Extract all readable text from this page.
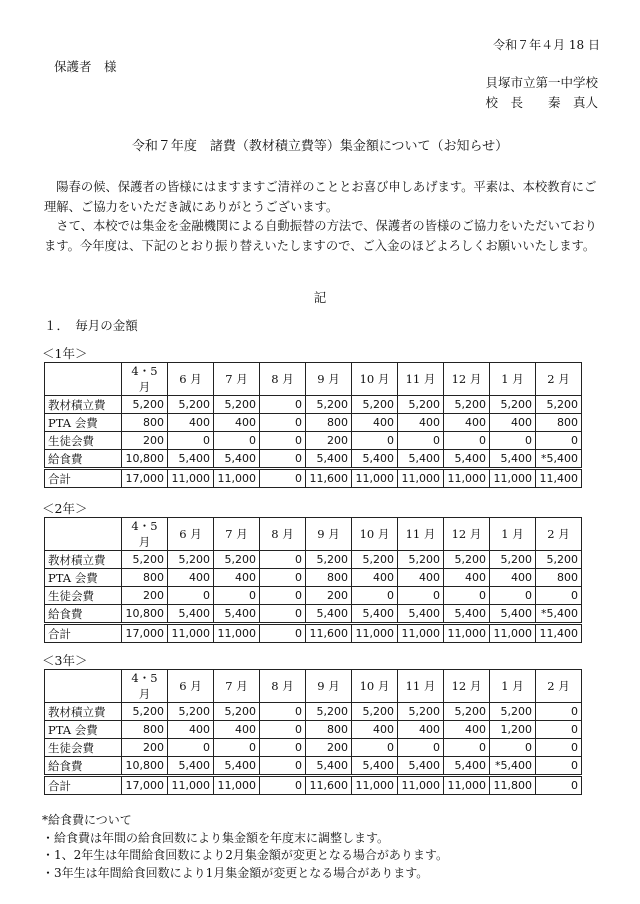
令和７年４月 18 日
保護者　様
貝塚市立第一中学校
校　長　　秦　真人
令和７年度　諸費（教材積立費等）集金額について（お知らせ）

陽春の候、保護者の皆様にはますますご清祥のこととお喜び申しあげます。平素は、本校教育にご理解、ご協力をいただき誠にありがとうございます。

さて、本校では集金を金融機関による自動振替の方法で、保護者の皆様のご協力をいただいております。今年度は、下記のとおり振り替えいたしますので、ご入金のほどよろしくお願いいたします。

記
１．　毎月の金額
＜1年＞
	4・5 月	6 月	7 月	8 月	9 月	10 月	11 月	12 月	1 月	2 月
教材積立費	5,200	5,200	5,200	0	5,200	5,200	5,200	5,200	5,200	5,200
PTA 会費	800	400	400	0	800	400	400	400	400	800
生徒会費	200	0	0	0	200	0	0	0	0	0
給食費	10,800	5,400	5,400	0	5,400	5,400	5,400	5,400	5,400	*5,400
合計	17,000	11,000	11,000	0	11,600	11,000	11,000	11,000	11,000	11,400
＜2年＞
	4・5 月	6 月	7 月	8 月	9 月	10 月	11 月	12 月	1 月	2 月
教材積立費	5,200	5,200	5,200	0	5,200	5,200	5,200	5,200	5,200	5,200
PTA 会費	800	400	400	0	800	400	400	400	400	800
生徒会費	200	0	0	0	200	0	0	0	0	0
給食費	10,800	5,400	5,400	0	5,400	5,400	5,400	5,400	5,400	*5,400
合計	17,000	11,000	11,000	0	11,600	11,000	11,000	11,000	11,000	11,400
＜3年＞
	4・5 月	6 月	7 月	8 月	9 月	10 月	11 月	12 月	1 月	2 月
教材積立費	5,200	5,200	5,200	0	5,200	5,200	5,200	5,200	5,200	0
PTA 会費	800	400	400	0	800	400	400	400	1,200	0
生徒会費	200	0	0	0	200	0	0	0	0	0
給食費	10,800	5,400	5,400	0	5,400	5,400	5,400	5,400	*5,400	0
合計	17,000	11,000	11,000	0	11,600	11,000	11,000	11,000	11,800	0
*給食費について
・給食費は年間の給食回数により集金額を年度末に調整します。
・1、2年生は年間給食回数により2月集金額が変更となる場合があります。
・3年生は年間給食回数により1月集金額が変更となる場合があります。
